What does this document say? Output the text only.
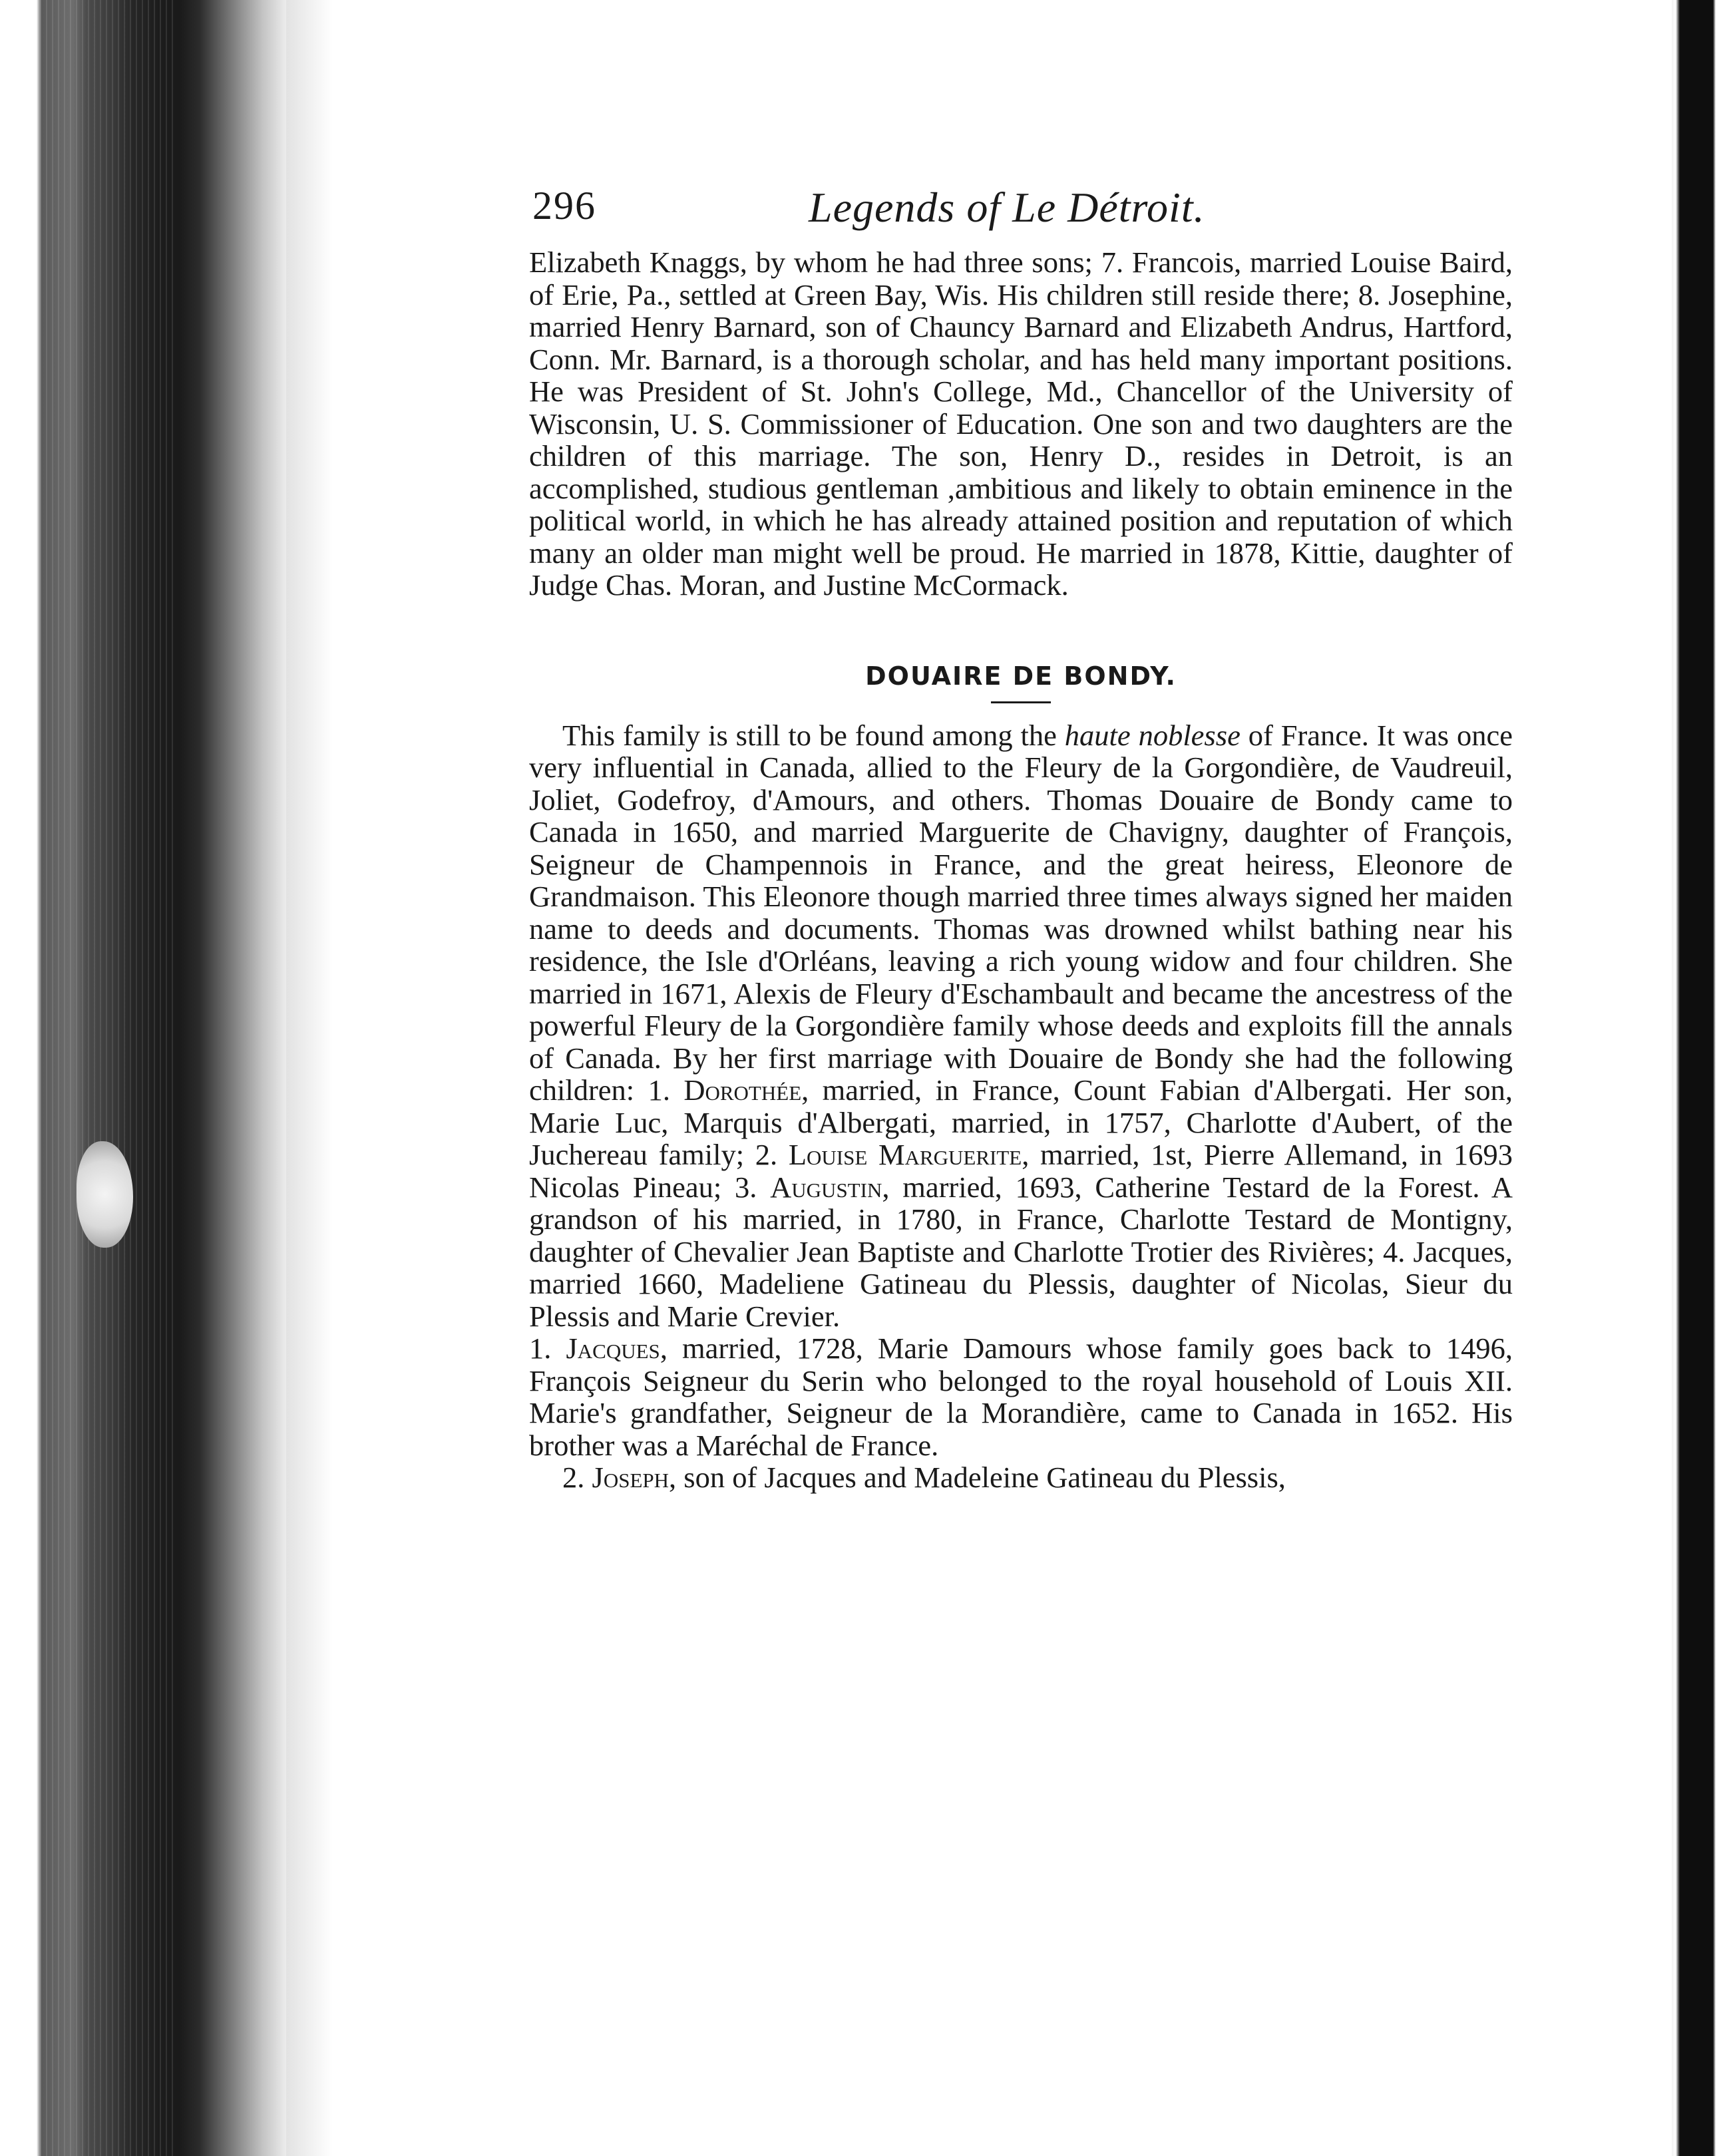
296	Legends of Le Détroit.

Elizabeth Knaggs, by whom he had three sons; 7. Francois, married Louise Baird, of Erie, Pa., settled at Green Bay, Wis. His children still reside there; 8. Josephine, married Henry Barnard, son of Chauncy Barnard and Elizabeth Andrus, Hartford, Conn. Mr. Barnard, is a thorough scholar, and has held many important positions. He was President of St. John's College, Md., Chancellor of the University of Wisconsin, U. S. Commissioner of Education. One son and two daughters are the children of this marriage. The son, Henry D., resides in Detroit, is an accomplished, studious gentleman ,ambitious and likely to obtain eminence in the political world, in which he has already attained position and reputation of which many an older man might well be proud. He married in 1878, Kittie, daughter of Judge Chas. Moran, and Justine McCormack.

DOUAIRE DE BONDY.

This family is still to be found among the haute noblesse of France. It was once very influential in Canada, allied to the Fleury de la Gorgondière, de Vaudreuil, Joliet, Godefroy, d'Amours, and others. Thomas Douaire de Bondy came to Canada in 1650, and married Marguerite de Chavigny, daughter of François, Seigneur de Champennois in France, and the great heiress, Eleonore de Grandmaison. This Eleonore though married three times always signed her maiden name to deeds and documents. Thomas was drowned whilst bathing near his residence, the Isle d'Orléans, leaving a rich young widow and four children. She married in 1671, Alexis de Fleury d'Eschambault and became the ancestress of the powerful Fleury de la Gorgondière family whose deeds and exploits fill the annals of Canada. By her first marriage with Douaire de Bondy she had the following children: 1. Dorothée, married, in France, Count Fabian d'Albergati. Her son, Marie Luc, Marquis d'Albergati, married, in 1757, Charlotte d'Aubert, of the Juchereau family; 2. Louise Marguerite, married, 1st, Pierre Allemand, in 1693 Nicolas Pineau; 3. Augustin, married, 1693, Catherine Testard de la Forest. A grandson of his married, in 1780, in France, Charlotte Testard de Montigny, daughter of Chevalier Jean Baptiste and Charlotte Trotier des Rivières; 4. Jacques, married 1660, Madeliene Gatineau du Plessis, daughter of Nicolas, Sieur du Plessis and Marie Crevier.

1. Jacques, married, 1728, Marie Damours whose family goes back to 1496, François Seigneur du Serin who belonged to the royal household of Louis XII. Marie's grandfather, Seigneur de la Morandière, came to Canada in 1652. His brother was a Maréchal de France.

2. Joseph, son of Jacques and Madeleine Gatineau du Plessis,
